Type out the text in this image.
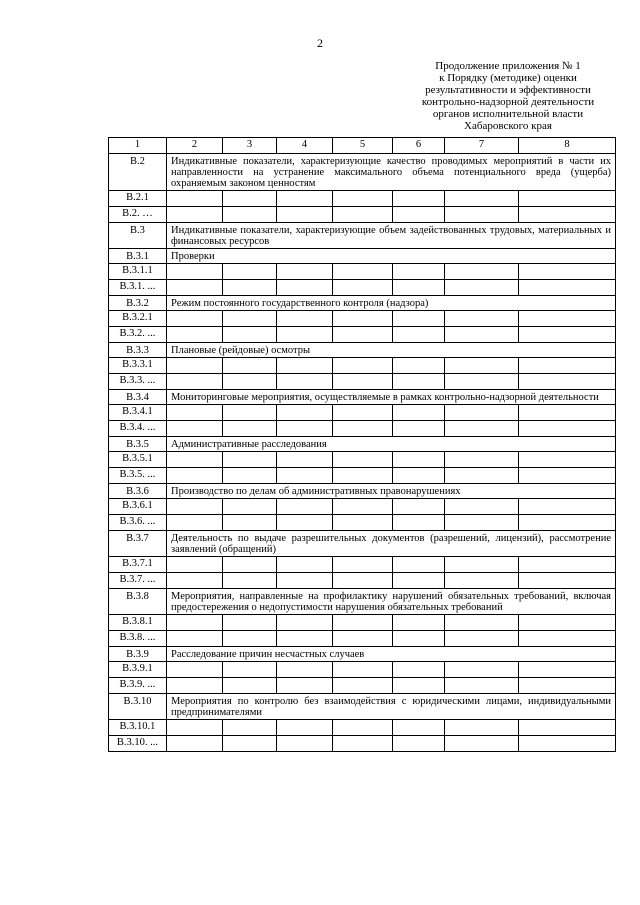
2
Продолжение приложения № 1
к Порядку (методике) оценки
результативности и эффективности
контрольно-надзорной деятельности
органов исполнительной власти
Хабаровского края
1	2	3	4	5	6	7	8
В.2	Индикативные показатели, характеризующие качество проводимых мероприятий в части их направленности на устранение максимального объема потенциального вреда (ущерба) охраняемым законом ценностям						
В.2.1							
В.2. …							
В.3	Индикативные показатели, характеризующие объем задействованных трудовых, материальных и финансовых ресурсов						
В.3.1	Проверки						
В.3.1.1							
В.3.1. ...							
В.3.2	Режим постоянного государственного контроля (надзора)						
В.3.2.1							
В.3.2. ...							
В.3.3	Плановые (рейдовые) осмотры						
В.3.3.1							
В.3.3. ...							
В.3.4	Мониторинговые мероприятия, осуществляемые в рамках контрольно-надзорной деятельности						
В.3.4.1							
В.3.4. ...							
В.3.5	Административные расследования						
В.3.5.1							
В.3.5. ...							
В.3.6	Производство по делам об административных правонарушениях						
В.3.6.1							
В.3.6. ...							
В.3.7	Деятельность по выдаче разрешительных документов (разрешений, лицензий), рассмотрение заявлений (обращений)						
В.3.7.1							
В.3.7. ...							
В.3.8	Мероприятия, направленные на профилактику нарушений обязательных требований, включая предостережения о недопустимости нарушения обязательных требований						
В.3.8.1							
В.3.8. ...							
В.3.9	Расследование причин несчастных случаев						
В.3.9.1							
В.3.9. ...							
В.3.10	Мероприятия по контролю без взаимодействия с юридическими лицами, индивидуальными предпринимателями						
В.3.10.1							
В.3.10. ...							
